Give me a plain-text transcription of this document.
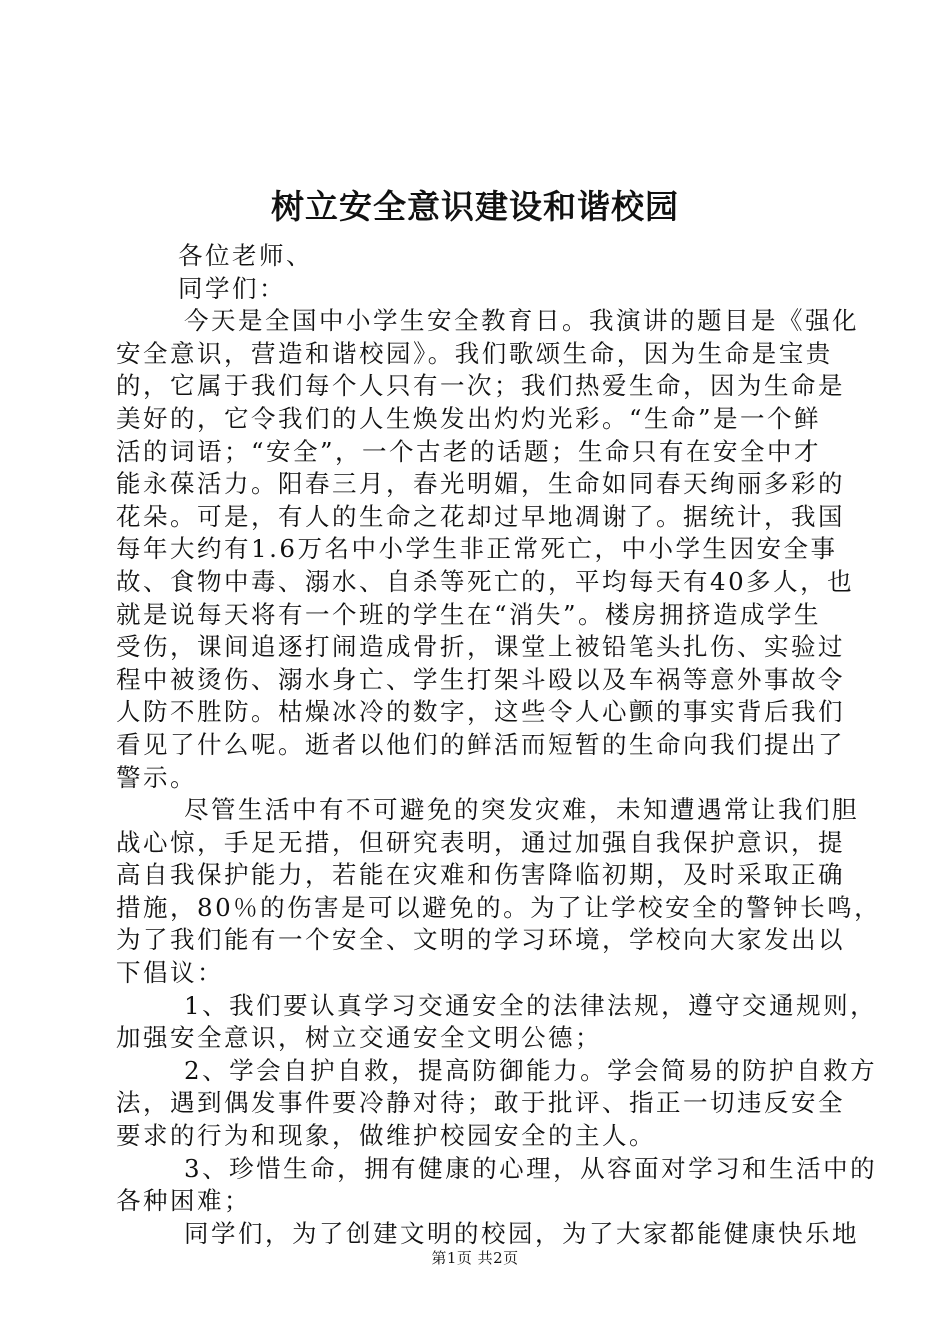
树立安全意识建设和谐校园
各位老师、
同学们：
今天是全国中小学生安全教育日。我演讲的题目是《强化
安全意识，营造和谐校园》。我们歌颂生命，因为生命是宝贵
的，它属于我们每个人只有一次；我们热爱生命，因为生命是
美好的，它令我们的人生焕发出灼灼光彩。“生命”是一个鲜
活的词语；“安全”，一个古老的话题；生命只有在安全中才
能永葆活力。阳春三月，春光明媚，生命如同春天绚丽多彩的
花朵。可是，有人的生命之花却过早地凋谢了。据统计，我国
每年大约有1.6万名中小学生非正常死亡，中小学生因安全事
故、食物中毒、溺水、自杀等死亡的，平均每天有40多人，也
就是说每天将有一个班的学生在“消失”。楼房拥挤造成学生
受伤，课间追逐打闹造成骨折，课堂上被铅笔头扎伤、实验过
程中被烫伤、溺水身亡、学生打架斗殴以及车祸等意外事故令
人防不胜防。枯燥冰冷的数字，这些令人心颤的事实背后我们
看见了什么呢。逝者以他们的鲜活而短暂的生命向我们提出了
警示。
尽管生活中有不可避免的突发灾难，未知遭遇常让我们胆
战心惊，手足无措，但研究表明，通过加强自我保护意识，提
高自我保护能力，若能在灾难和伤害降临初期，及时采取正确
措施，80％的伤害是可以避免的。为了让学校安全的警钟长鸣，
为了我们能有一个安全、文明的学习环境，学校向大家发出以
下倡议：
1、我们要认真学习交通安全的法律法规，遵守交通规则，
加强安全意识，树立交通安全文明公德；
2、学会自护自救，提高防御能力。学会简易的防护自救方
法，遇到偶发事件要冷静对待；敢于批评、指正一切违反安全
要求的行为和现象，做维护校园安全的主人。
3、珍惜生命，拥有健康的心理，从容面对学习和生活中的
各种困难；
同学们，为了创建文明的校园，为了大家都能健康快乐地
第1页 共2页
